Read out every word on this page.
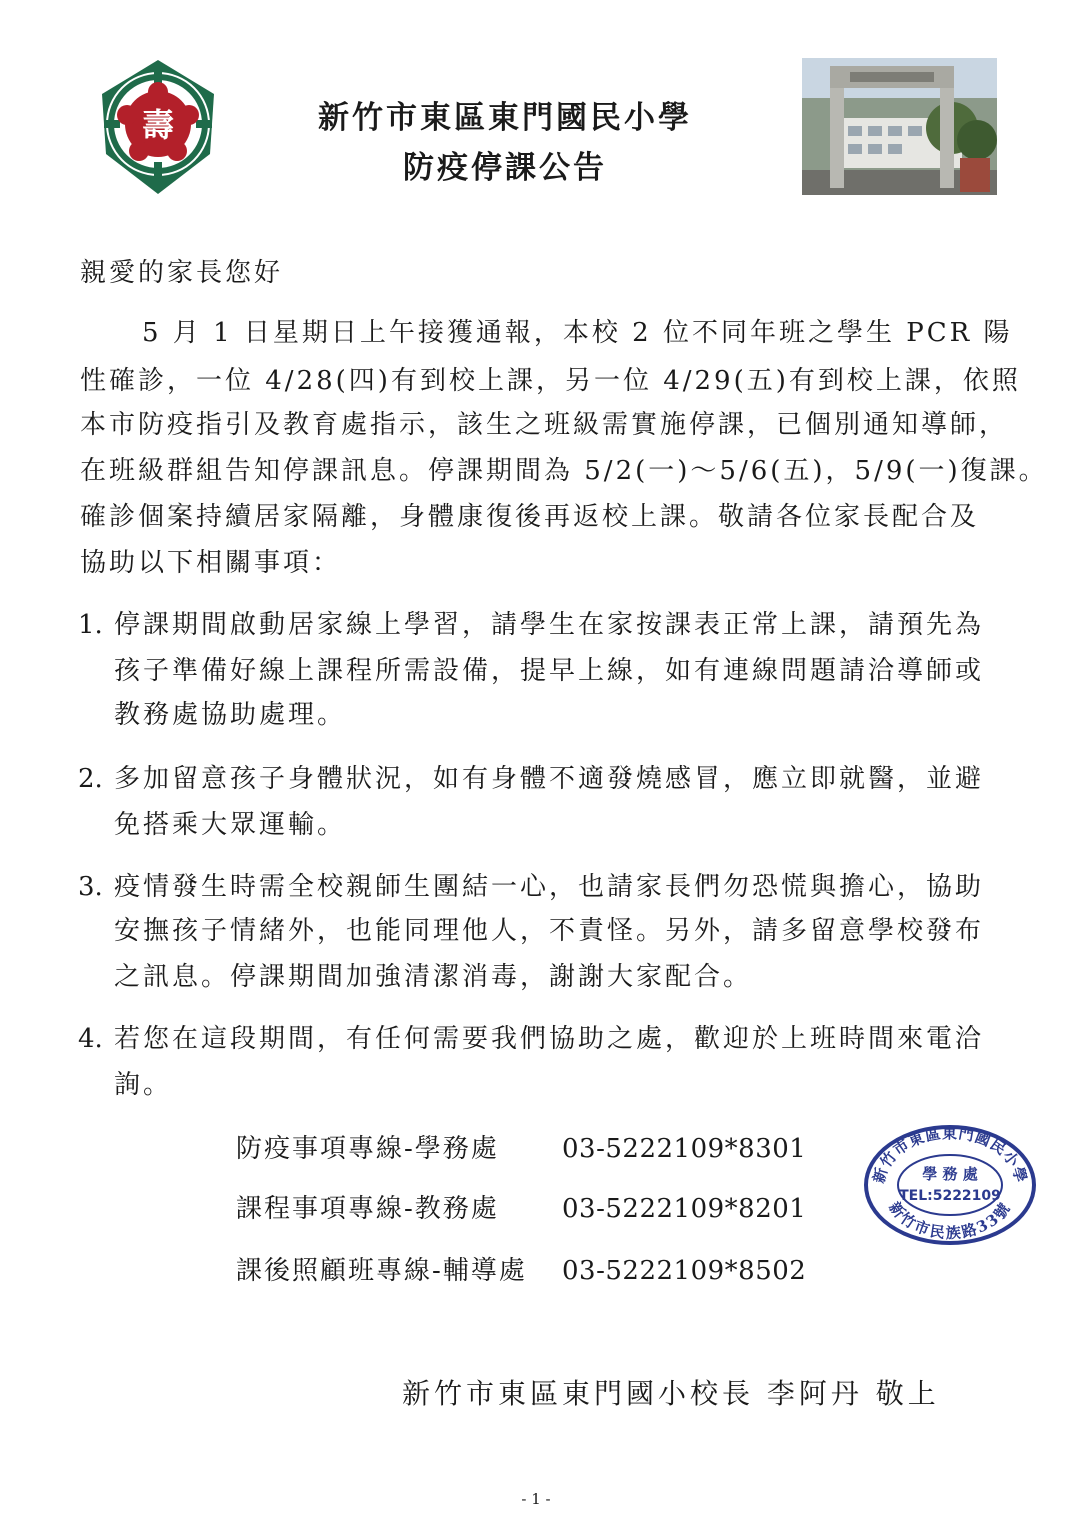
壽	新竹市東區東門國民小學
防疫停課公告
親愛的家長您好
5 月 1 日星期日上午接獲通報，本校 2 位不同年班之學生 PCR 陽
性確診，一位 4/28(四)有到校上課，另一位 4/29(五)有到校上課，依照
本市防疫指引及教育處指示，該生之班級需實施停課，已個別通知導師，
在班級群組告知停課訊息。停課期間為 5/2(一)～5/6(五)，5/9(一)復課。
確診個案持續居家隔離，身體康復後再返校上課。敬請各位家長配合及
協助以下相關事項：
1. 停課期間啟動居家線上學習，請學生在家按課表正常上課，請預先為
孩子準備好線上課程所需設備，提早上線，如有連線問題請洽導師或
教務處協助處理。
2. 多加留意孩子身體狀況，如有身體不適發燒感冒，應立即就醫，並避
免搭乘大眾運輸。
3. 疫情發生時需全校親師生團結一心，也請家長們勿恐慌與擔心，協助
安撫孩子情緒外，也能同理他人，不責怪。另外，請多留意學校發布
之訊息。停課期間加強清潔消毒，謝謝大家配合。
4. 若您在這段期間，有任何需要我們協助之處，歡迎於上班時間來電洽
詢。
防疫事項專線-學務處 03-5222109*8301
課程事項專線-教務處 03-5222109*8201
課後照顧班專線-輔導處 03-5222109*8502
新竹市東區東門國民小學
新竹市民族路33號
學 務 處
TEL:5222109
新竹市東區東門國小校長 李阿丹 敬上
- 1 -
